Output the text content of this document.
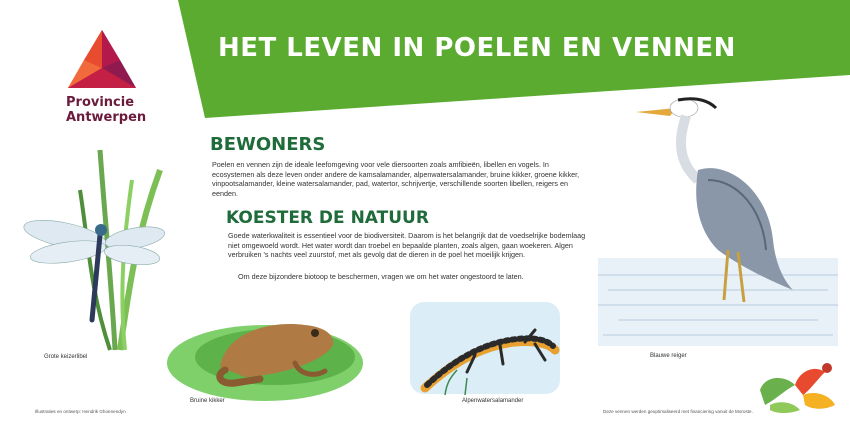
HET LEVEN IN POELEN EN VENNEN
Provincie
Antwerpen
BEWONERS
Poelen en vennen zijn de ideale leefomgeving voor vele diersoorten zoals amfibieën, libellen en vogels. In ecosystemen als deze leven onder andere de kamsalamander, alpenwatersalamander, bruine kikker, groene kikker, vinpootsalamander, kleine watersalamander, pad, watertor, schrijvertje, verschillende soorten libellen, reigers en eenden.
KOESTER DE NATUUR
Goede waterkwaliteit is essentieel voor de biodiversiteit. Daarom is het belangrijk dat de voedselrijke bodemlaag niet omgewoeld wordt. Het water wordt dan troebel en bepaalde planten, zoals algen, gaan woekeren. Algen verbruiken 's nachts veel zuurstof, met als gevolg dat de dieren in de poel het moeilijk krijgen.
Om deze bijzondere biotoop te beschermen, vragen we om het water ongestoord te laten.
Grote keizerlibel
Bruine kikker	Alpenwatersalamander
Blauwe reiger
Illustraties en ontwerp: Hendrik Ghoenendyn	Deze vennen werden geoptimaliseerd met financiering vanuit de Moroste.
